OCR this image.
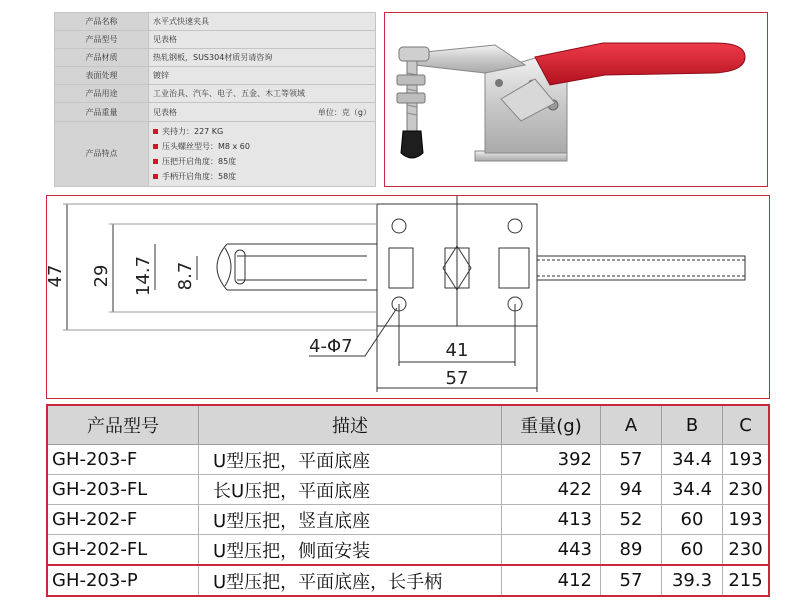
产品名称	水平式快速夹具
产品型号	见表格
产品材质	热轧钢板，SUS304材质另请咨询
表面处理	镀锌
产品用途	工业治具、汽车、电子、五金、木工等领域
产品重量	见表格 单位：克（g）

产品特点	夹持力：227 KG
压头螺丝型号：M8 x 60
压把开启角度：85度
手柄开启角度：58度
47 29 14.7 8.7
4-Φ7	41
57
产品型号	描述	重量(g)	A	B	C
GH-203-F	U型压把，平面底座	392	57	34.4	193
GH-203-FL	长U压把，平面底座	422	94	34.4	230
GH-202-F	U型压把，竖直底座	413	52	60	193
GH-202-FL	U型压把，侧面安装	443	89	60	230
GH-203-P	U型压把，平面底座，长手柄	412	57	39.3	215
